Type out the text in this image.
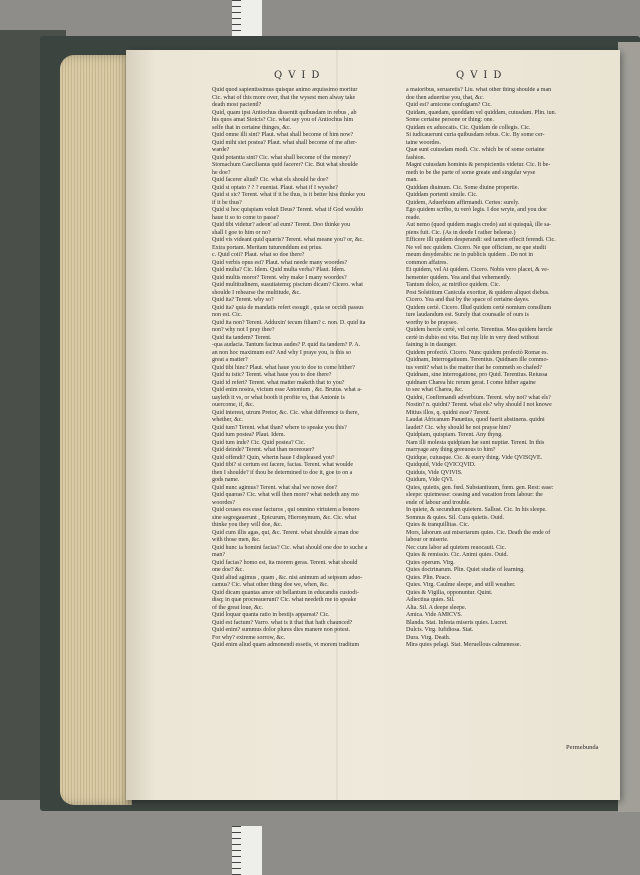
QVID	QVID
Quid quod sapientissimus quisque animo æquissimo moritur
Cic. what of this more over, that the wysest men alway take
death most pacientl?
Quid, quam ipsi Antiochus dissentit quibusdam in rebus , ab
his quos amat Stoicis? Cic. what say you of Antiochus him
selfe that in certaine thinges, &c.
Quid omne illi sint? Plaut. what shall become of him now?
Quid mihi siet postea? Plaut. what shall become of me after-
warde?
Quid potantia sint? Cic. what shall become of the money?
Stomachum Caecilianus quid facerer? Cic. But what shoulde
he doe?
Quid facerer aliud? Cic. what els should he doe?
Quid si optato ? ? ? eueniat. Plaut. what if I wysshe?
Quid si sic? Terent. what if it be thus, is it better hiss thinke you
if it be thus?
Quid si hoc quispiam voluit Deus? Terent. what if God wouldo
haue it so to come to passe?
Quid tibi videtur? adeon' ad eum? Terent. Doo thinke you
shall I goe to him or no?
Quid vis videant quid quæris? Terent. what meane you? or, &c.
Extra portam. Meritam tuturenddum est prius.
c. Quid coii? Plaut. what so doe there?
Quid verbis opus est? Plaut. what neede many woordes?
Quid multa? Cic. Idem. Quid multa verba? Plaut. Idem.
Quid multis moror? Terent. why make I many woordes?
Quid multitudinem, suauitatemq; piscium dicam? Cicero. what
shoulde I rehearse the multitude, &c.
Quid ita? Terent. why so?
Quid ita? quia de mandatis refert essugit , quia se occidi passus
non est. Cic.
Quid ita non? Terent. Adduxin' tecum filiam? c. non. D. quid ita
non? why not I pray thee?
Quid ita tandem? Terent.
-qua audacia. Tantum facinus audes? P. quid ita tandem? P. A.
an non hoc maximum est? And why I praye you, is this so
great a matter?
Quid tibi hinc? Plaut. what haue you to doe to come hither?
Quid tu istic? Terent. what haue you to doe there?
Quid id refert? Terent. what matter maketh that to you?
Quid enim nostra, victum esse Antonium , &c. Brutus. what a-
uayleth it vs, or what booth it profite vs, that Antonie is
ouercome, if, &c.
Quid interest, utrum Pretor, &c. Cic. what difference is there,
whether, &c.
Quid tum? Terent. what than? where to speake you this?
Quid tum postea? Plaut. Idem.
Quid tum inde? Cic. Quid postea? Cic.
Quid deinde? Terent. what than moreouer?
Quid offendi? Quin, wherin haue I displeased you?
Quid tibi? si certum est facere, facias. Terent. what woulde
then I shoulde? if thou be determined to doe it, goe to on a
gods name.
Quid nunc agimus? Terent. what shal we nowe doe?
Quid quæras? Cic. what will then more? what nedeth any mo
woordes?
Quid ceuses eos esse facturos , qui omnino virtutem a bonoro
sine segregauerunt , Epicurum, Hieronymum, &c. Cic. what
thinke you they will doe, &c.
Quid cum illis agas, qui, &c. Terent. what shoulde a man doe
with those men, &c.
Quid hunc ta homini facias? Cic. what should one doe to suche a
man?
Quid facias? homo est, ita morem geras. Terent. what should
one doe? &c.
Quid aliud agimus , quam , &c. nisi animum ad seipsum aduo-
camus? Cic. what other thing doe we, when, &c.
Quid dicam quantas amor sit bellantum in educandis custodi-
disq; in quæ procreauerunt? Cic. what needeth me to speake
of the great loue, &c.
Quid loquar quanta ratio in bestijs appareat? Cic.
Quid est factum? Varro. what is it that that hath chaunced?
Quid enim? summus dolor plures dies manere non potest.
For why? extreme sorrow, &c.
Quid enim aliud quam admonendi essetis, vt morem traditum
a maioribus, seruaretis? Liu. what other thing shoulde a man
doe then aduertise you, that, &c.
Quid est? amicone confugiam? Cic.
Quidam, quædam, quoddam vel quiddam, cuiusdam. Plin. iun.
Some certaine persone or thing: one.
Quidam ex aduocatis. Cic. Quidam de collegis. Cic.
Si iudicauerunt curia quibusdam rebus. Cic. By some cer-
taine woordes.
Quæ sunt cuiusdam modi. Cic. which be of some certaine
fashion.
Magni cuiusdam hominis & perspicientis videtur. Cic. It be-
meth to be the parte of some greate and singular wyse
man.
Quiddam diuinum. Cic. Some diuine propertie.
Quiddam portenti simile. Cic.
Quidem, Aduerbium affirmandi. Certes: surely.
Ego quidem scribo, tu verò legis. I doe wryte, and you doe
reade.
Aut nemo (quod quidem magis credo) aut si quisquâ, ille sa-
piens fuit. Cic. (As in deede I rather beleeue.)
Efficere illi quidem desperandi: sed tamen effecit ferendi. Cic.
Ne vel nec quidem. Cicero. Ne que officium, ne que studii
meum desyderabis: ne in publicis quidem . Do not in
common affaires.
Et quidem, vel At quidem. Cicero. Nobis vero placet, & ve-
hementer quidem. Yea and that vehemently.
Tantum dolco, ac mirifice quidem. Cic.
Post Solstitium Canicula exoritur, & quidem aliquot diebus.
Cicero. Yea and that by the space of certaine dayes.
Quidem certè. Cicero. Illud quidem certè nomium consilium
iure laudandum est. Surely that counsaile of ours is
worthy to be prayseo.
Quidem hercle certè, vel certe. Terentius. Mea quidem hercle
certè in dubio est vita. But my life in very deed without
faining is in daunger.
Quidem profectò. Cicero. Nunc quidem profectò Romæ es.
Quidnam, Interrogatiuum. Terentius. Quidnam ille commo-
tus venit? what is the matter that he commeth so chafed?
Quidnam, sine interrogatione, pro Quid. Terentius. Reiussa
quidnam Charea hic rerum gerat. I come hither againe
to see what Charea, &c.
Quidni, Confirmandi adverbium. Terent. why not? what els?
Nostin? n. quidni? Terent. what els? why should I not knowe
Mitius illos, q. quidni esse? Terent.
Laudat Africanum Panætius, quod fuerit abstinens. quidni
laudet? Cic. why should he not prayse him?
Quidpiam, quispiam. Terent. Any thyng.
Nam illi molesta quidpiam hæ sunt nuptiæ. Terent. In this
marryage any thing greeuous to him?
Quidque, cuiusque. Cic. & euery thing. Vide QVISQVE.
Quidquid, Vide QVICQVID.
Quiduis, Vide QVIVIS.
Quidum, Vide QVI.
Quies, quietis, gen. fœd. Substantiuum, fœm. gen. Rest: ease:
sleepe: quietnesse: ceasing and vacation from labour: the
ende of labour and trouble.
In quiete, & secundum quietem. Sallust. Cic. In his sleepe.
Somnus & quies. Sil. Cura quietis. Ouid.
Quies & tranquillitas. Cic.
Mors, laborum aut miseriarum quies. Cic. Death the ende of
labour or miserie.
Nec cum labor ad quietem reuocauit. Cic.
Quies & remissio. Cic. Animi quies. Ouid.
Quies operum. Virg.
Quies doctrinarum. Plin. Quiet studie of learning.
Quies. Plin. Peace.
Quies. Virg. Caulme sleepe, and still weather.
Quies & Vigilia, opponuntur. Quint.
Adiectiua quies. Sil.
Alta. Sil. A deepe sleepe.
Amica. Vide AMICVS.
Blanda. Stat. Infesta miseris quies. Lucret.
Dulcis. Virg. Iufidiosa. Stat.
Dura. Virg. Death.
Mira quies pelagi. Stat. Meruellous calmenesse.
Permebunda
